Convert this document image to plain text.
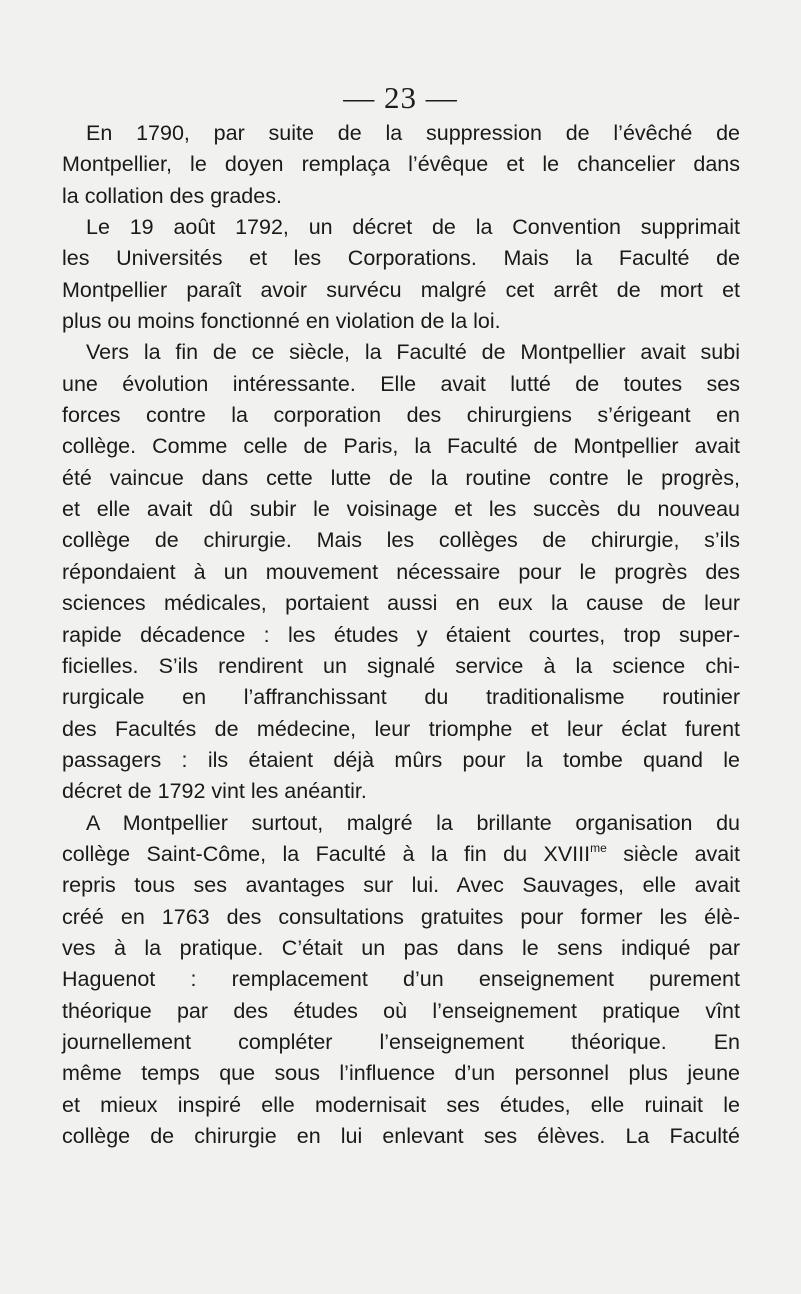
— 23 —
En 1790, par suite de la suppression de l’évêché de
Montpellier, le doyen remplaça l’évêque et le chancelier dans
la collation des grades.
Le 19 août 1792, un décret de la Convention supprimait
les Universités et les Corporations. Mais la Faculté de
Montpellier paraît avoir survécu malgré cet arrêt de mort et
plus ou moins fonctionné en violation de la loi.
Vers la fin de ce siècle, la Faculté de Montpellier avait subi
une évolution intéressante. Elle avait lutté de toutes ses
forces contre la corporation des chirurgiens s’érigeant en
collège. Comme celle de Paris, la Faculté de Montpellier avait
été vaincue dans cette lutte de la routine contre le progrès,
et elle avait dû subir le voisinage et les succès du nouveau
collège de chirurgie. Mais les collèges de chirurgie, s’ils
répondaient à un mouvement nécessaire pour le progrès des
sciences médicales, portaient aussi en eux la cause de leur
rapide décadence : les études y étaient courtes, trop super-
ficielles. S’ils rendirent un signalé service à la science chi-
rurgicale en l’affranchissant du traditionalisme routinier
des Facultés de médecine, leur triomphe et leur éclat furent
passagers : ils étaient déjà mûrs pour la tombe quand le
décret de 1792 vint les anéantir.
A Montpellier surtout, malgré la brillante organisation du
collège Saint-Côme, la Faculté à la fin du $XVIII^{me}$ siècle avait
repris tous ses avantages sur lui. Avec Sauvages, elle avait
créé en 1763 des consultations gratuites pour former les élè-
ves à la pratique. C’était un pas dans le sens indiqué par
Haguenot : remplacement d’un enseignement purement
théorique par des études où l’enseignement pratique vînt
journellement compléter l’enseignement théorique. En
même temps que sous l’influence d’un personnel plus jeune
et mieux inspiré elle modernisait ses études, elle ruinait le
collège de chirurgie en lui enlevant ses élèves. La Faculté
